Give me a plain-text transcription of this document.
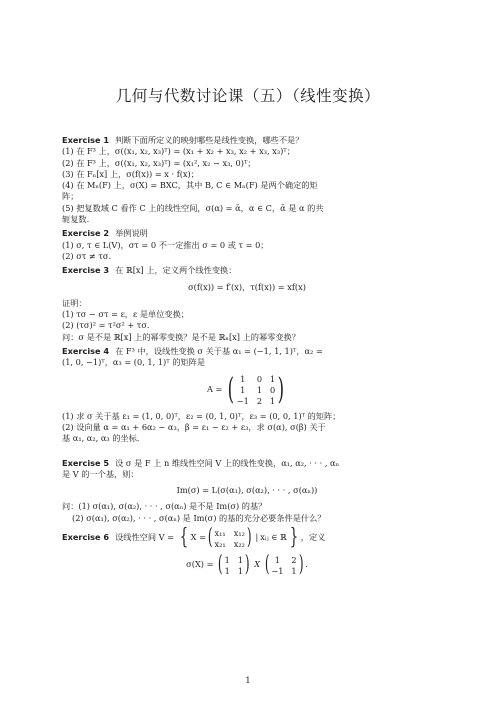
几何与代数讨论课（五）（线性变换）
Exercise 1 判断下面所定义的映射哪些是线性变换，哪些不是？
(1) 在 F³ 上，σ((x₁, x₂, x₃)ᵀ) = (x₁ + x₂ + x₃, x₂ + x₃, x₃)ᵀ；
(2) 在 F³ 上，σ((x₁, x₂, x₃)ᵀ) = (x₁², x₂ − x₃, 0)ᵀ；
(3) 在 Fₙ[x] 上，σ(f(x)) = x · f(x)；
(4) 在 Mₙ(F) 上，σ(X) = BXC，其中 B, C ∈ Mₙ(F) 是两个确定的矩
阵；
(5) 把复数域 C 看作 C 上的线性空间，σ(α) = ᾱ，α ∈ C，ᾱ 是 α 的共
轭复数.
Exercise 2 举例说明
(1) σ, τ ∈ L(V)，στ = 0 不一定推出 σ = 0 或 τ = 0；
(2) στ ≠ τσ.
Exercise 3 在 ℝ[x] 上，定义两个线性变换：
σ(f(x)) = f′(x)，τ(f(x)) = xf(x)
证明：
(1) τσ − στ = ε，ε 是单位变换；
(2) (τσ)² = τ²σ² + τσ.
问：σ 是不是 ℝ[x] 上的幂零变换？是不是 ℝₙ[x] 上的幂零变换？
Exercise 4 在 F³ 中，设线性变换 σ 关于基 α₁ = (−1, 1, 1)ᵀ，α₂ =
(1, 0, −1)ᵀ，α₃ = (0, 1, 1)ᵀ 的矩阵是
A = ( 1	0 1
1	1 0
−1 2 1 )
(1) 求 σ 关于基 ε₁ = (1, 0, 0)ᵀ，ε₂ = (0, 1, 0)ᵀ，ε₃ = (0, 0, 1)ᵀ 的矩阵；
(2) 设向量 α = α₁ + 6α₂ − α₃，β = ε₁ − ε₂ + ε₃，求 σ(α), σ(β) 关于
基 α₁, α₂, α₃ 的坐标.
Exercise 5 设 σ 是 F 上 n 维线性空间 V 上的线性变换，α₁, α₂, · · · , αₙ
是 V 的一个基，则：
Im(σ) = L(σ(α₁), σ(α₂), · · · , σ(αₙ))
问：(1) σ(α₁), σ(α₂), · · · , σ(αₙ) 是不是 Im(σ) 的基？
(2) σ(α₁), σ(α₂), · · · , σ(αₙ) 是 Im(σ) 的基的充分必要条件是什么？
Exercise 6 设线性空间 V = { X = ( x₁₁ x₁₂
x₂₁ x₂₂ ) | xᵢⱼ ∈ ℝ } ，定义
σ(X) = ( 1 1
1 1 ) X ( 1	2
−1 1 ) .
1
